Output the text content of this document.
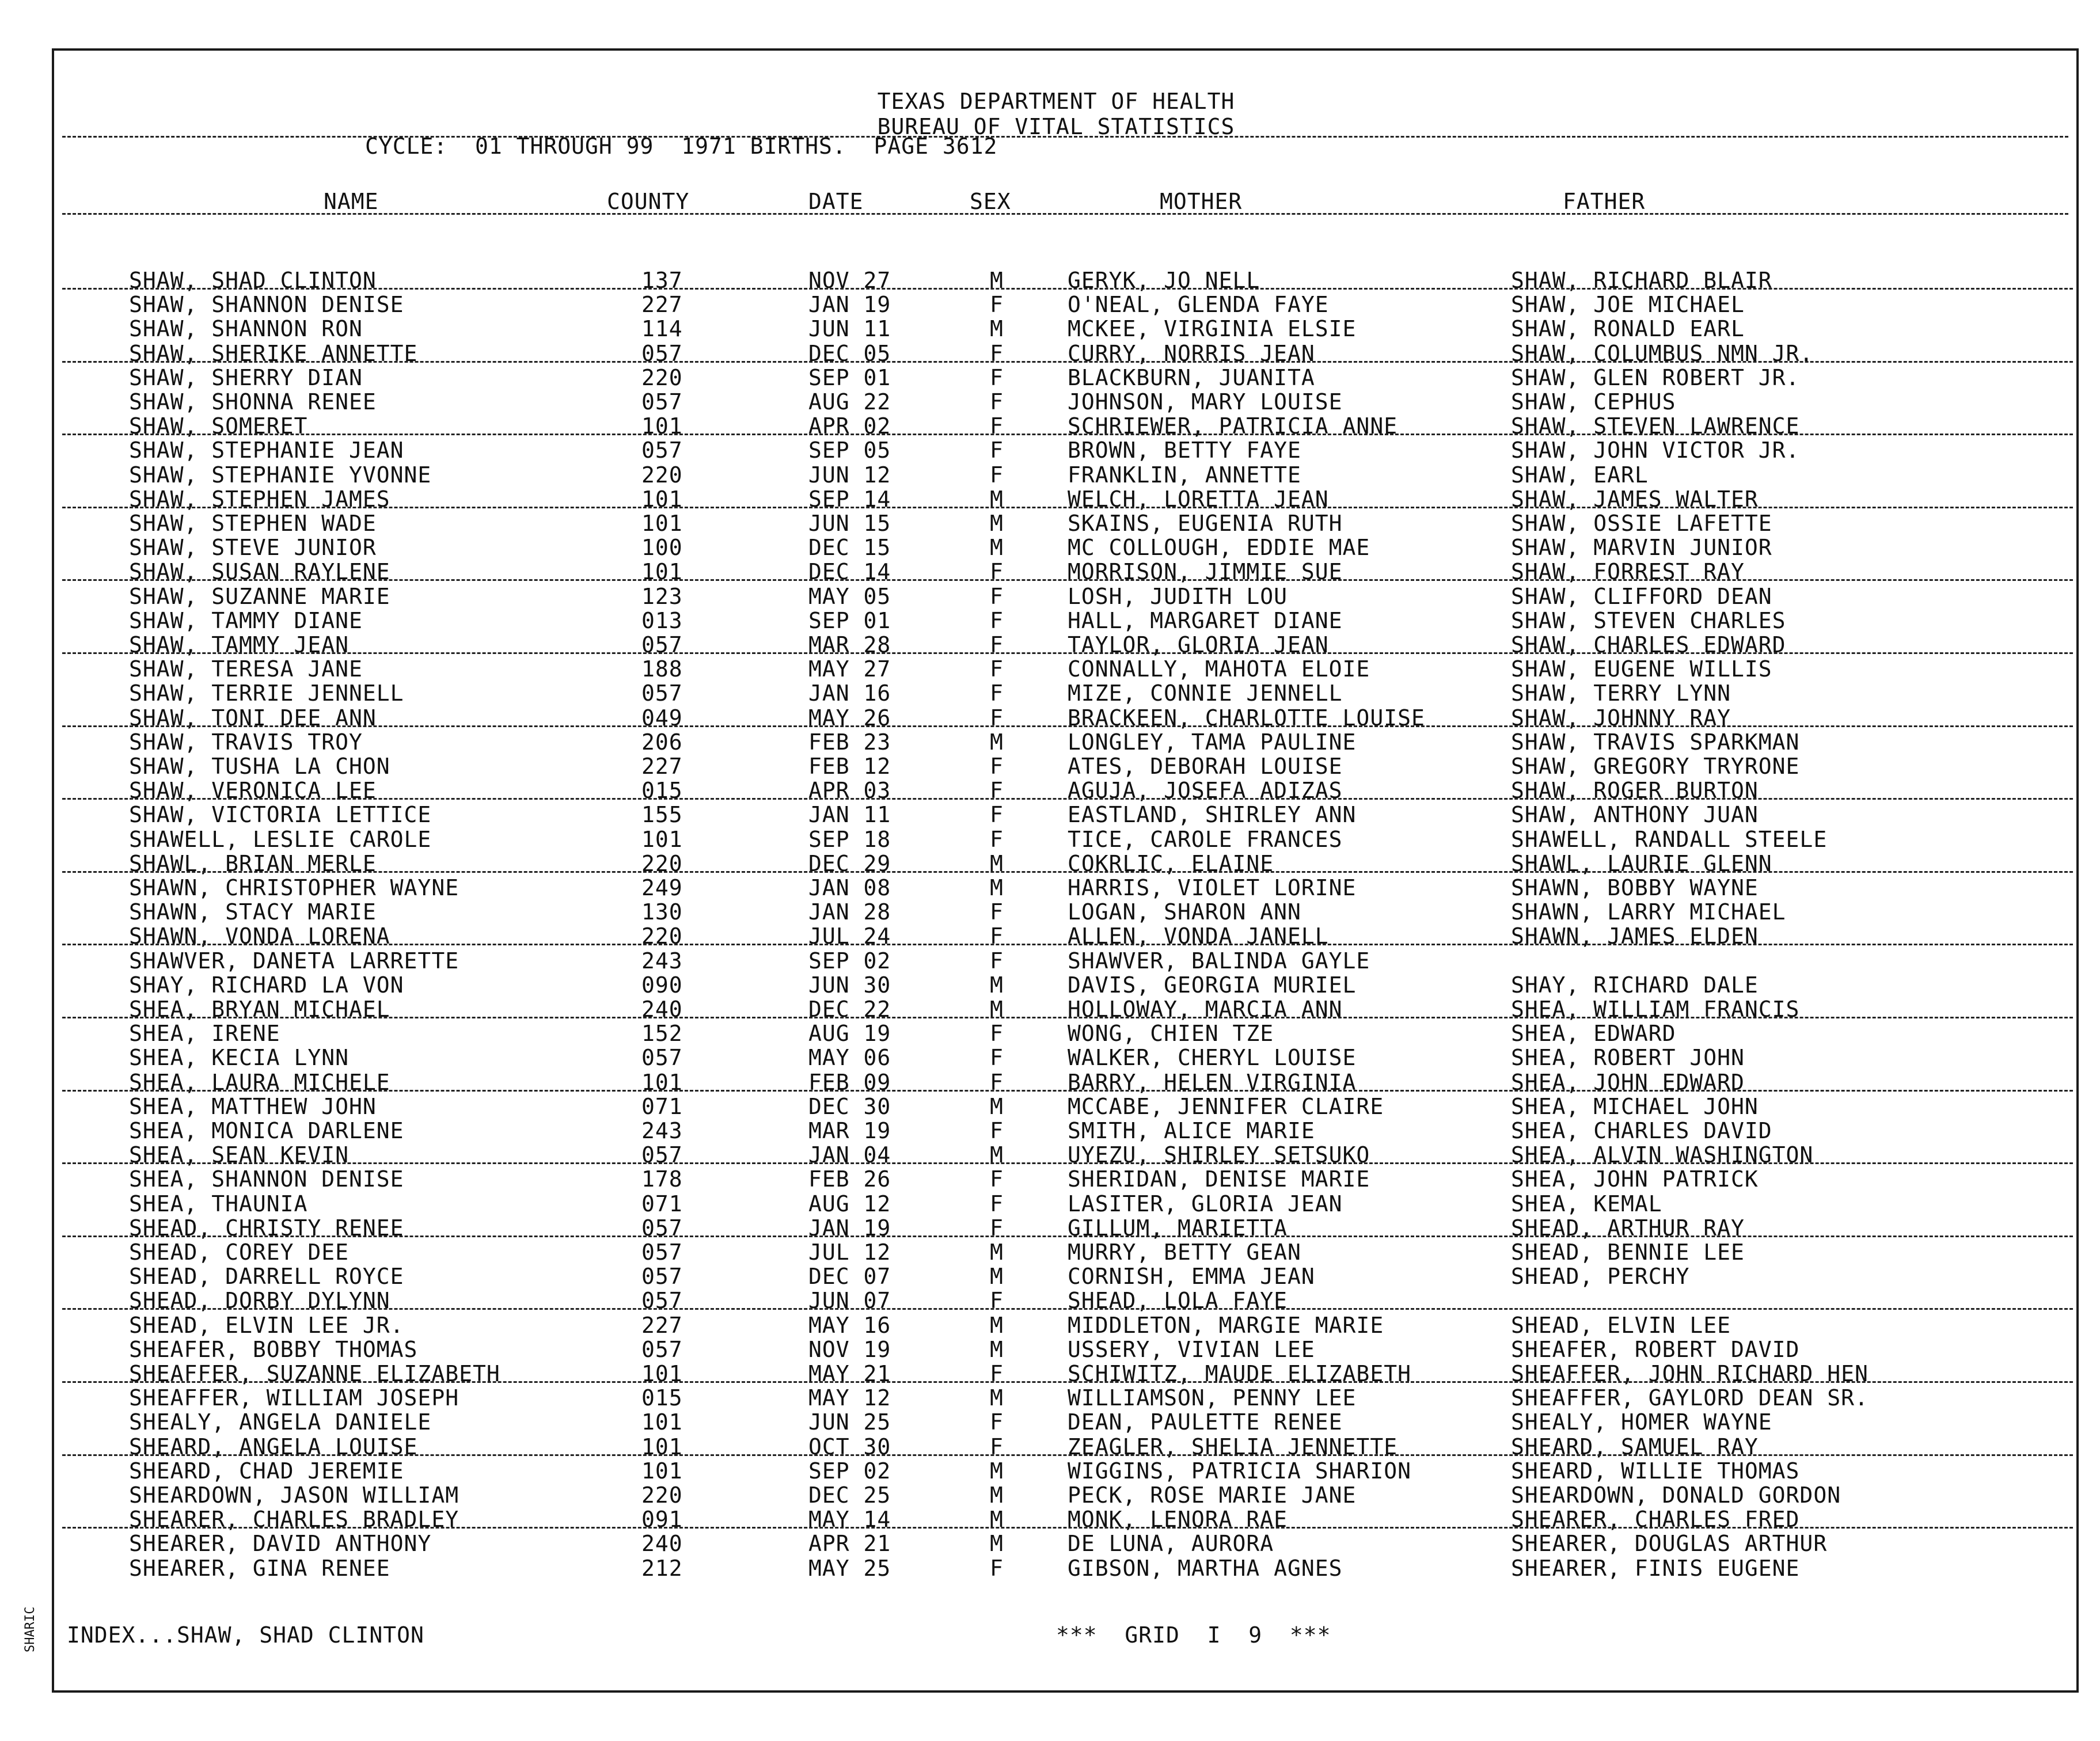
TEXAS DEPARTMENT OF HEALTH
BUREAU OF VITAL STATISTICS
CYCLE:  01 THROUGH 99  1971 BIRTHS.  PAGE 3612
NAME	COUNTY	DATE	SEX	MOTHER	FATHER
SHAW, SHAD CLINTON	137	NOV 27	M	GERYK, JO NELL	SHAW, RICHARD BLAIR
SHAW, SHANNON DENISE	227	JAN 19	F	O'NEAL, GLENDA FAYE	SHAW, JOE MICHAEL
SHAW, SHANNON RON	114	JUN 11	M	MCKEE, VIRGINIA ELSIE	SHAW, RONALD EARL
SHAW, SHERIKE ANNETTE	057	DEC 05	F	CURRY, NORRIS JEAN	SHAW, COLUMBUS NMN JR.
SHAW, SHERRY DIAN	220	SEP 01	F	BLACKBURN, JUANITA	SHAW, GLEN ROBERT JR.
SHAW, SHONNA RENEE	057	AUG 22	F	JOHNSON, MARY LOUISE	SHAW, CEPHUS
SHAW, SOMERET	101	APR 02	F	SCHRIEWER, PATRICIA ANNE	SHAW, STEVEN LAWRENCE
SHAW, STEPHANIE JEAN	057	SEP 05	F	BROWN, BETTY FAYE	SHAW, JOHN VICTOR JR.
SHAW, STEPHANIE YVONNE	220	JUN 12	F	FRANKLIN, ANNETTE	SHAW, EARL
SHAW, STEPHEN JAMES	101	SEP 14	M	WELCH, LORETTA JEAN	SHAW, JAMES WALTER
SHAW, STEPHEN WADE	101	JUN 15	M	SKAINS, EUGENIA RUTH	SHAW, OSSIE LAFETTE
SHAW, STEVE JUNIOR	100	DEC 15	M	MC COLLOUGH, EDDIE MAE	SHAW, MARVIN JUNIOR
SHAW, SUSAN RAYLENE	101	DEC 14	F	MORRISON, JIMMIE SUE	SHAW, FORREST RAY
SHAW, SUZANNE MARIE	123	MAY 05	F	LOSH, JUDITH LOU	SHAW, CLIFFORD DEAN
SHAW, TAMMY DIANE	013	SEP 01	F	HALL, MARGARET DIANE	SHAW, STEVEN CHARLES
SHAW, TAMMY JEAN	057	MAR 28	F	TAYLOR, GLORIA JEAN	SHAW, CHARLES EDWARD
SHAW, TERESA JANE	188	MAY 27	F	CONNALLY, MAHOTA ELOIE	SHAW, EUGENE WILLIS
SHAW, TERRIE JENNELL	057	JAN 16	F	MIZE, CONNIE JENNELL	SHAW, TERRY LYNN
SHAW, TONI DEE ANN	049	MAY 26	F	BRACKEEN, CHARLOTTE LOUISE	SHAW, JOHNNY RAY
SHAW, TRAVIS TROY	206	FEB 23	M	LONGLEY, TAMA PAULINE	SHAW, TRAVIS SPARKMAN
SHAW, TUSHA LA CHON	227	FEB 12	F	ATES, DEBORAH LOUISE	SHAW, GREGORY TRYRONE
SHAW, VERONICA LEE	015	APR 03	F	AGUJA, JOSEFA ADIZAS	SHAW, ROGER BURTON
SHAW, VICTORIA LETTICE	155	JAN 11	F	EASTLAND, SHIRLEY ANN	SHAW, ANTHONY JUAN
SHAWELL, LESLIE CAROLE	101	SEP 18	F	TICE, CAROLE FRANCES	SHAWELL, RANDALL STEELE
SHAWL, BRIAN MERLE	220	DEC 29	M	COKRLIC, ELAINE	SHAWL, LAURIE GLENN
SHAWN, CHRISTOPHER WAYNE	249	JAN 08	M	HARRIS, VIOLET LORINE	SHAWN, BOBBY WAYNE
SHAWN, STACY MARIE	130	JAN 28	F	LOGAN, SHARON ANN	SHAWN, LARRY MICHAEL
SHAWN, VONDA LORENA	220	JUL 24	F	ALLEN, VONDA JANELL	SHAWN, JAMES ELDEN
SHAWVER, DANETA LARRETTE	243	SEP 02	F	SHAWVER, BALINDA GAYLE
SHAY, RICHARD LA VON	090	JUN 30	M	DAVIS, GEORGIA MURIEL	SHAY, RICHARD DALE
SHEA, BRYAN MICHAEL	240	DEC 22	M	HOLLOWAY, MARCIA ANN	SHEA, WILLIAM FRANCIS
SHEA, IRENE	152	AUG 19	F	WONG, CHIEN TZE	SHEA, EDWARD
SHEA, KECIA LYNN	057	MAY 06	F	WALKER, CHERYL LOUISE	SHEA, ROBERT JOHN
SHEA, LAURA MICHELE	101	FEB 09	F	BARRY, HELEN VIRGINIA	SHEA, JOHN EDWARD
SHEA, MATTHEW JOHN	071	DEC 30	M	MCCABE, JENNIFER CLAIRE	SHEA, MICHAEL JOHN
SHEA, MONICA DARLENE	243	MAR 19	F	SMITH, ALICE MARIE	SHEA, CHARLES DAVID
SHEA, SEAN KEVIN	057	JAN 04	M	UYEZU, SHIRLEY SETSUKO	SHEA, ALVIN WASHINGTON
SHEA, SHANNON DENISE	178	FEB 26	F	SHERIDAN, DENISE MARIE	SHEA, JOHN PATRICK
SHEA, THAUNIA	071	AUG 12	F	LASITER, GLORIA JEAN	SHEA, KEMAL
SHEAD, CHRISTY RENEE	057	JAN 19	F	GILLUM, MARIETTA	SHEAD, ARTHUR RAY
SHEAD, COREY DEE	057	JUL 12	M	MURRY, BETTY GEAN	SHEAD, BENNIE LEE
SHEAD, DARRELL ROYCE	057	DEC 07	M	CORNISH, EMMA JEAN	SHEAD, PERCHY
SHEAD, DORBY DYLYNN	057	JUN 07	F	SHEAD, LOLA FAYE
SHEAD, ELVIN LEE JR.	227	MAY 16	M	MIDDLETON, MARGIE MARIE	SHEAD, ELVIN LEE
SHEAFER, BOBBY THOMAS	057	NOV 19	M	USSERY, VIVIAN LEE	SHEAFER, ROBERT DAVID
SHEAFFER, SUZANNE ELIZABETH	101	MAY 21	F	SCHIWITZ, MAUDE ELIZABETH	SHEAFFER, JOHN RICHARD HEN
SHEAFFER, WILLIAM JOSEPH	015	MAY 12	M	WILLIAMSON, PENNY LEE	SHEAFFER, GAYLORD DEAN SR.
SHEALY, ANGELA DANIELE	101	JUN 25	F	DEAN, PAULETTE RENEE	SHEALY, HOMER WAYNE
SHEARD, ANGELA LOUISE	101	OCT 30	F	ZEAGLER, SHELIA JENNETTE	SHEARD, SAMUEL RAY
SHEARD, CHAD JEREMIE	101	SEP 02	M	WIGGINS, PATRICIA SHARION	SHEARD, WILLIE THOMAS
SHEARDOWN, JASON WILLIAM	220	DEC 25	M	PECK, ROSE MARIE JANE	SHEARDOWN, DONALD GORDON
SHEARER, CHARLES BRADLEY	091	MAY 14	M	MONK, LENORA RAE	SHEARER, CHARLES FRED
SHEARER, DAVID ANTHONY	240	APR 21	M	DE LUNA, AURORA	SHEARER, DOUGLAS ARTHUR
SHEARER, GINA RENEE	212	MAY 25	F	GIBSON, MARTHA AGNES	SHEARER, FINIS EUGENE
INDEX...SHAW, SHAD CLINTON	***  GRID  I  9  ***
SHARIC
